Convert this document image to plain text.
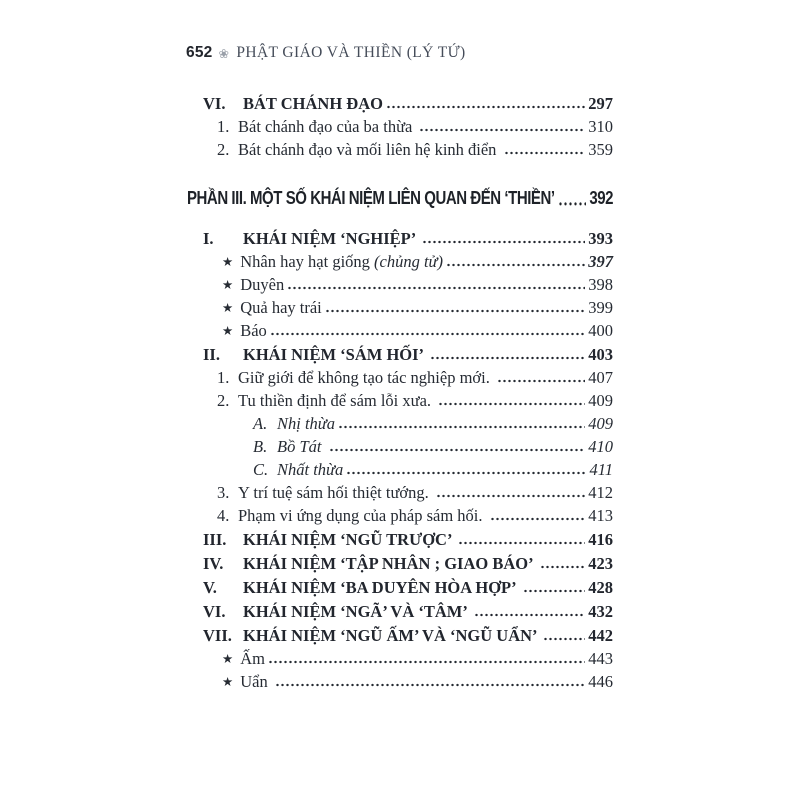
652 ❀ PHẬT GIÁO VÀ THIỀN (LÝ TỨ)
VI.	BÁT CHÁNH ĐẠO	297
1. Bát chánh đạo của ba thừa	310
2. Bát chánh đạo và mối liên hệ kinh điển	359
PHẦN III. MỘT SỐ KHÁI NIỆM LIÊN QUAN ĐẾN ‘THIỀN’ 392
I.	KHÁI NIỆM ‘NGHIỆP’	393
★ Nhân hay hạt giống (chủng tử)	397
★ Duyên	398
★ Quả hay trái	399
★ Báo	400
II.	KHÁI NIỆM ‘SÁM HỐI’	403
1. Giữ giới để không tạo tác nghiệp mới.	407
2. Tu thiền định để sám lỗi xưa.	409
A. Nhị thừa	409
B. Bồ Tát	410
C. Nhất thừa	411
3. Y trí tuệ sám hối thiệt tướng.	412
4. Phạm vi ứng dụng của pháp sám hối.	413
III.	KHÁI NIỆM ‘NGŨ TRƯỢC’	416
IV.	KHÁI NIỆM ‘TẬP NHÂN ; GIAO BÁO’	423
V.	KHÁI NIỆM ‘BA DUYÊN HÒA HỢP’	428
VI.	KHÁI NIỆM ‘NGÃ’ VÀ ‘TÂM’	432
VII. KHÁI NIỆM ‘NGŨ ẤM’ VÀ ‘NGŨ UẨN’	442
★ Ấm	443
★ Uẩn	446
